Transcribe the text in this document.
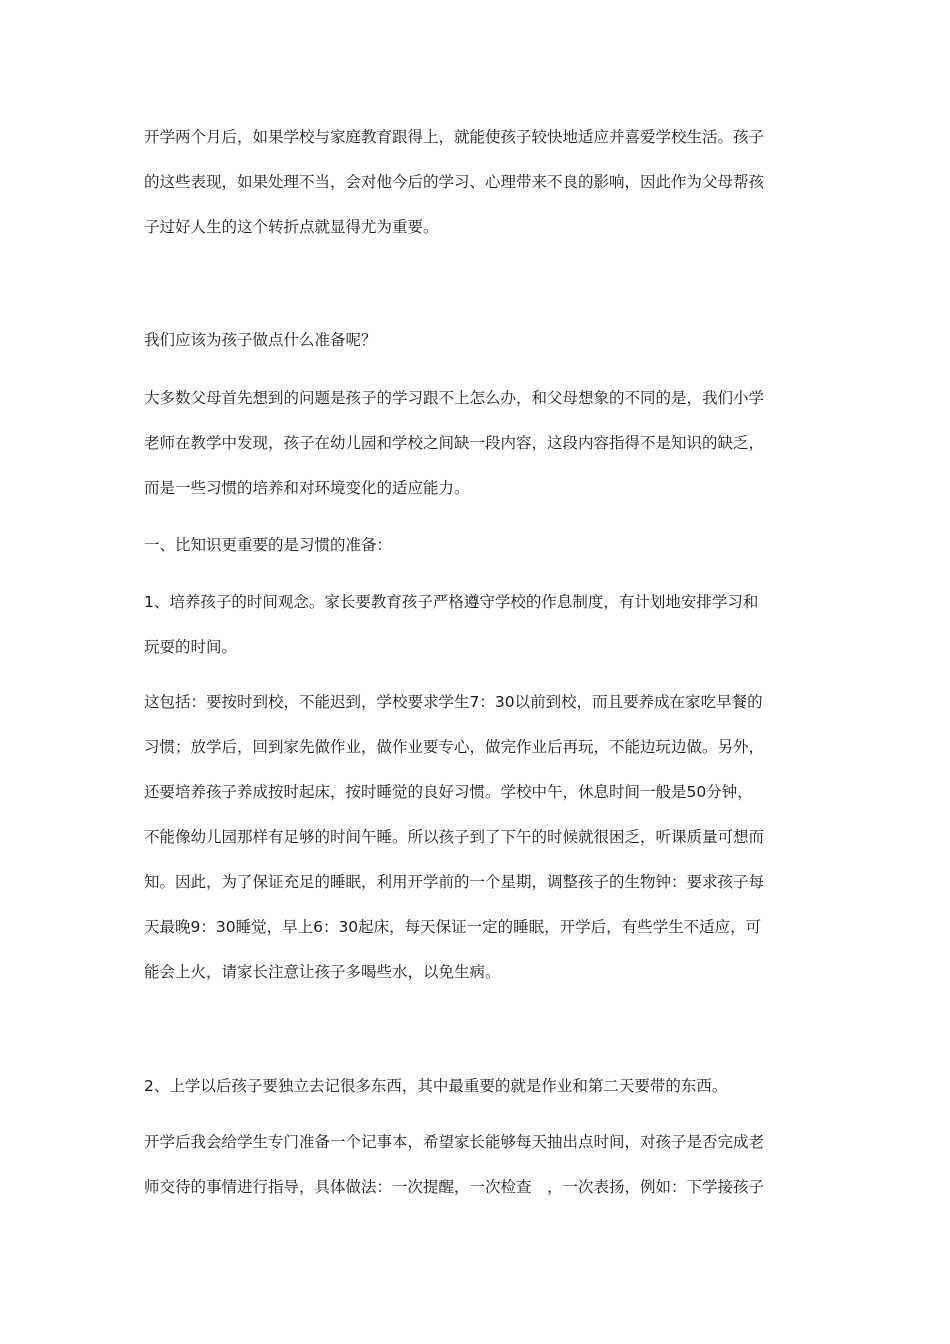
开学两个月后，如果学校与家庭教育跟得上，就能使孩子较快地适应并喜爱学校生活。孩子
的这些表现，如果处理不当，会对他今后的学习、心理带来不良的影响，因此作为父母帮孩
子过好人生的这个转折点就显得尤为重要。
我们应该为孩子做点什么准备呢？
大多数父母首先想到的问题是孩子的学习跟不上怎么办，和父母想象的不同的是，我们小学
老师在教学中发现，孩子在幼儿园和学校之间缺一段内容，这段内容指得不是知识的缺乏，
而是一些习惯的培养和对环境变化的适应能力。
一、比知识更重要的是习惯的准备：
1、培养孩子的时间观念。家长要教育孩子严格遵守学校的作息制度，有计划地安排学习和
玩耍的时间。
这包括：要按时到校，不能迟到，学校要求学生7：30以前到校，而且要养成在家吃早餐的
习惯；放学后，回到家先做作业，做作业要专心，做完作业后再玩，不能边玩边做。另外，
还要培养孩子养成按时起床，按时睡觉的良好习惯。学校中午，休息时间一般是50分钟，
不能像幼儿园那样有足够的时间午睡。所以孩子到了下午的时候就很困乏，听课质量可想而
知。因此，为了保证充足的睡眠，利用开学前的一个星期，调整孩子的生物钟：要求孩子每
天最晚9：30睡觉，早上6：30起床，每天保证一定的睡眠，开学后，有些学生不适应，可
能会上火，请家长注意让孩子多喝些水，以免生病。
2、上学以后孩子要独立去记很多东西，其中最重要的就是作业和第二天要带的东西。
开学后我会给学生专门准备一个记事本，希望家长能够每天抽出点时间，对孩子是否完成老
师交待的事情进行指导，具体做法：一次提醒，一次检查　，一次表扬，例如：下学接孩子
